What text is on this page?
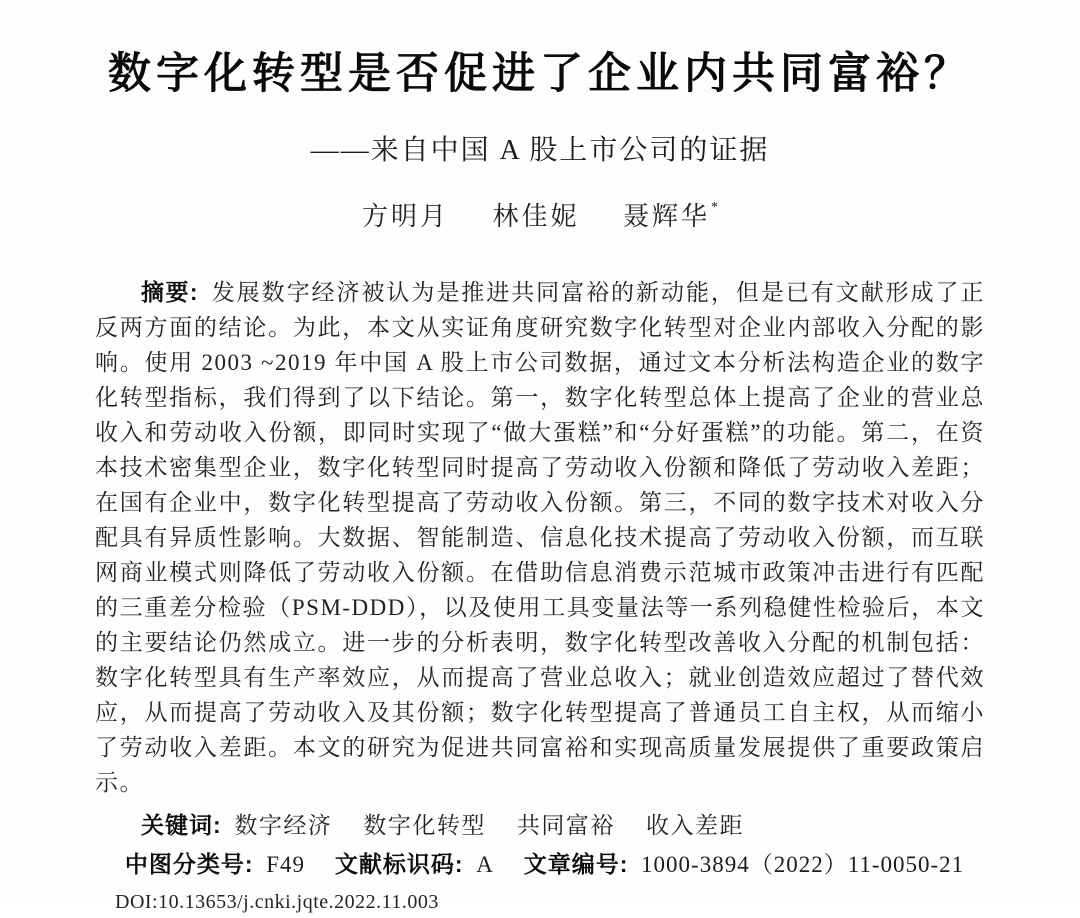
数字化转型是否促进了企业内共同富裕？
——来自中国 A 股上市公司的证据
方明月 林佳妮 聂辉华*

摘要: 发展数字经济被认为是推进共同富裕的新动能，但是已有文献形成了正反两方面的结论。为此，本文从实证角度研究数字化转型对企业内部收入分配的影响。使用 2003 ~2019 年中国 A 股上市公司数据，通过文本分析法构造企业的数字化转型指标，我们得到了以下结论。第一，数字化转型总体上提高了企业的营业总收入和劳动收入份额，即同时实现了“做大蛋糕”和“分好蛋糕”的功能。第二，在资本技术密集型企业，数字化转型同时提高了劳动收入份额和降低了劳动收入差距；在国有企业中，数字化转型提高了劳动收入份额。第三，不同的数字技术对收入分配具有异质性影响。大数据、智能制造、信息化技术提高了劳动收入份额，而互联网商业模式则降低了劳动收入份额。在借助信息消费示范城市政策冲击进行有匹配的三重差分检验（PSM-DDD），以及使用工具变量法等一系列稳健性检验后，本文的主要结论仍然成立。进一步的分析表明，数字化转型改善收入分配的机制包括：数字化转型具有生产率效应，从而提高了营业总收入；就业创造效应超过了替代效应，从而提高了劳动收入及其份额；数字化转型提高了普通员工自主权，从而缩小了劳动收入差距。本文的研究为促进共同富裕和实现高质量发展提供了重要政策启示。

关键词: 数字经济 数字化转型 共同富裕 收入差距

中图分类号: F49 文献标识码: A 文章编号: 1000-3894（2022）11-0050-21

DOI:10.13653/j.cnki.jqte.2022.11.003
